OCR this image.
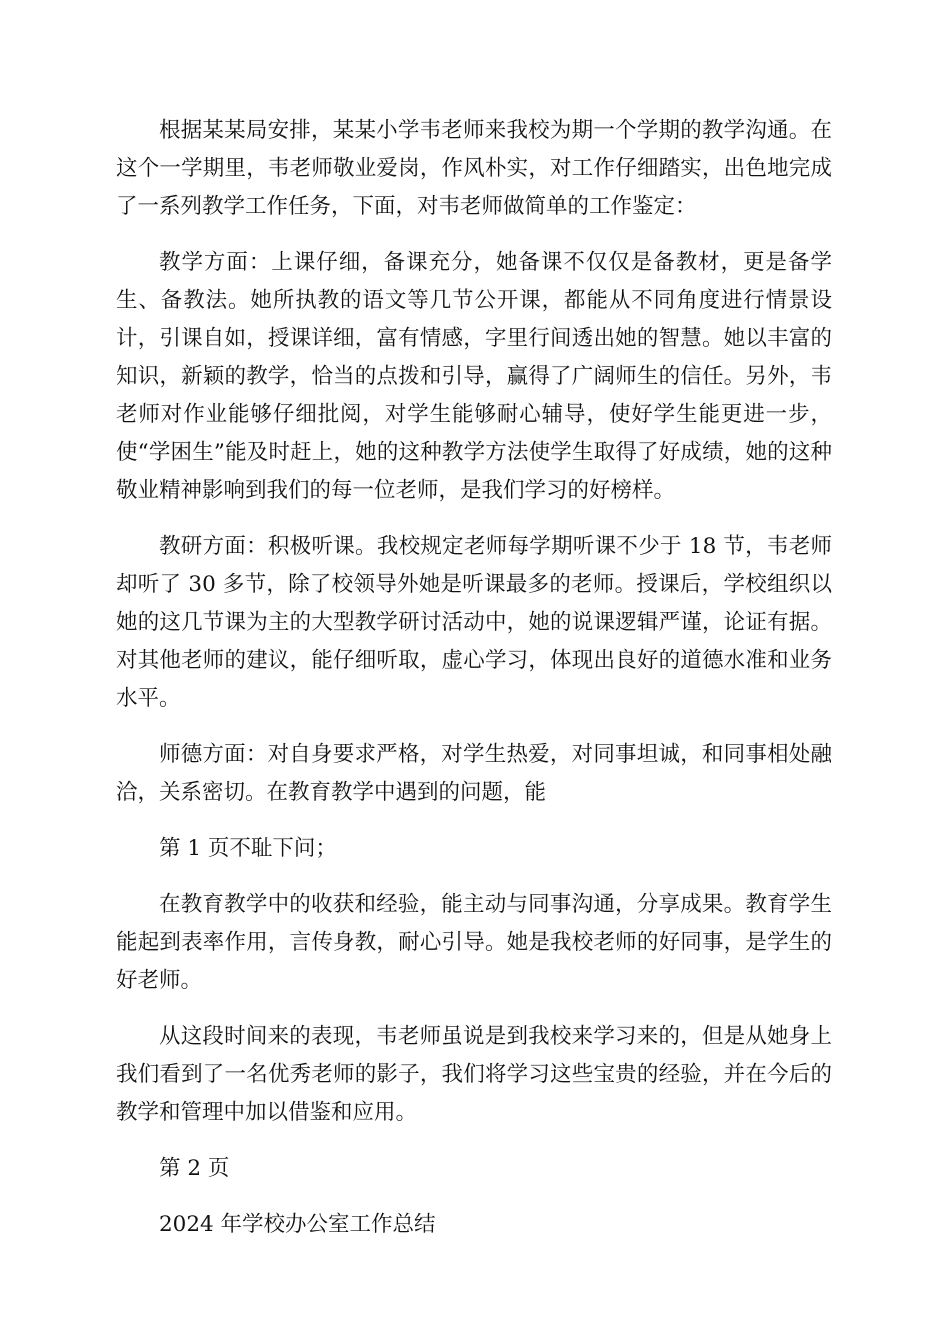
根据某某局安排，某某小学韦老师来我校为期一个学期的教学沟通。在这个一学期里，韦老师敬业爱岗，作风朴实，对工作仔细踏实，出色地完成了一系列教学工作任务，下面，对韦老师做简单的工作鉴定：

教学方面：上课仔细，备课充分，她备课不仅仅是备教材，更是备学生、备教法。她所执教的语文等几节公开课，都能从不同角度进行情景设计，引课自如，授课详细，富有情感，字里行间透出她的智慧。她以丰富的知识，新颖的教学，恰当的点拨和引导，赢得了广阔师生的信任。另外，韦老师对作业能够仔细批阅，对学生能够耐心辅导，使好学生能更进一步，使“学困生”能及时赶上，她的这种教学方法使学生取得了好成绩，她的这种敬业精神影响到我们的每一位老师，是我们学习的好榜样。

教研方面：积极听课。我校规定老师每学期听课不少于 18 节，韦老师却听了 30 多节，除了校领导外她是听课最多的老师。授课后，学校组织以她的这几节课为主的大型教学研讨活动中，她的说课逻辑严谨，论证有据。对其他老师的建议，能仔细听取，虚心学习，体现出良好的道德水准和业务水平。

师德方面：对自身要求严格，对学生热爱，对同事坦诚，和同事相处融洽，关系密切。在教育教学中遇到的问题，能

第 1 页不耻下问；

在教育教学中的收获和经验，能主动与同事沟通，分享成果。教育学生能起到表率作用，言传身教，耐心引导。她是我校老师的好同事，是学生的好老师。

从这段时间来的表现，韦老师虽说是到我校来学习来的，但是从她身上我们看到了一名优秀老师的影子，我们将学习这些宝贵的经验，并在今后的教学和管理中加以借鉴和应用。

第 2 页

2024 年学校办公室工作总结
